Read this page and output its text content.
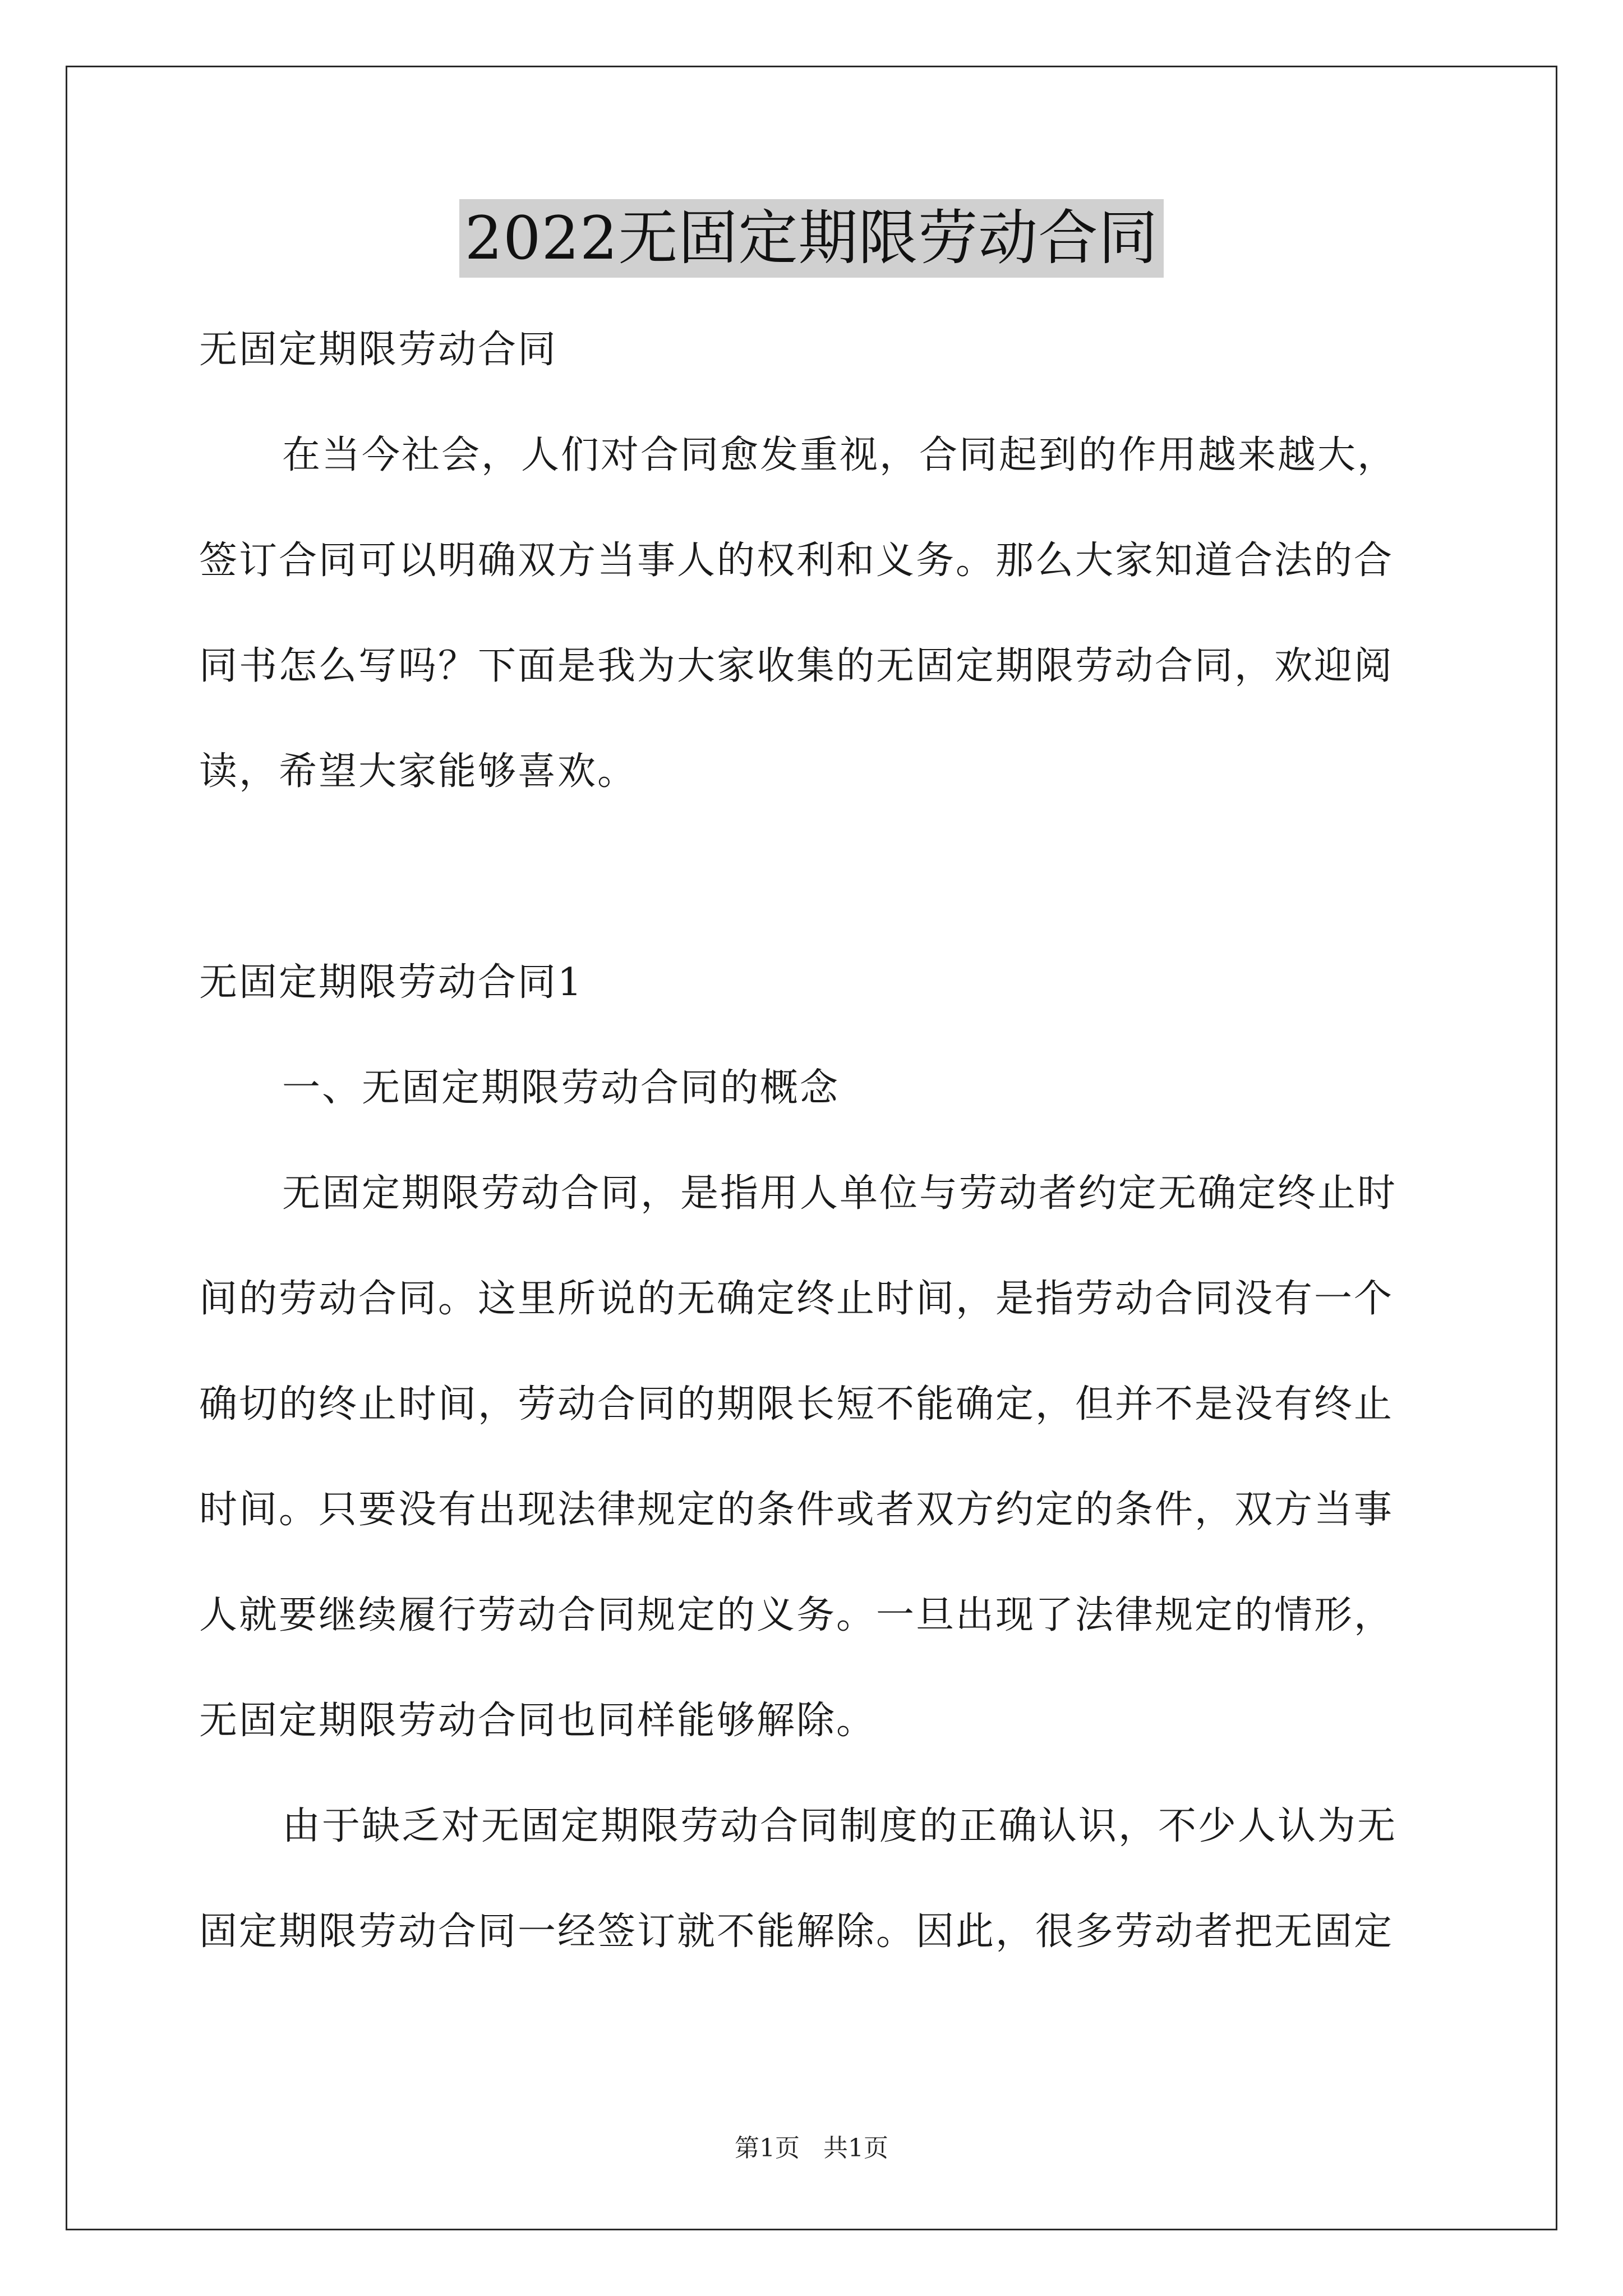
2022无固定期限劳动合同
无固定期限劳动合同
在当今社会，人们对合同愈发重视，合同起到的作用越来越大，
签订合同可以明确双方当事人的权利和义务。那么大家知道合法的合
同书怎么写吗？下面是我为大家收集的无固定期限劳动合同，欢迎阅
读，希望大家能够喜欢。
无固定期限劳动合同1
一、无固定期限劳动合同的概念
无固定期限劳动合同，是指用人单位与劳动者约定无确定终止时
间的劳动合同。这里所说的无确定终止时间，是指劳动合同没有一个
确切的终止时间，劳动合同的期限长短不能确定，但并不是没有终止
时间。只要没有出现法律规定的条件或者双方约定的条件，双方当事
人就要继续履行劳动合同规定的义务。一旦出现了法律规定的情形，
无固定期限劳动合同也同样能够解除。
由于缺乏对无固定期限劳动合同制度的正确认识，不少人认为无
固定期限劳动合同一经签订就不能解除。因此，很多劳动者把无固定
第1页 共1页
